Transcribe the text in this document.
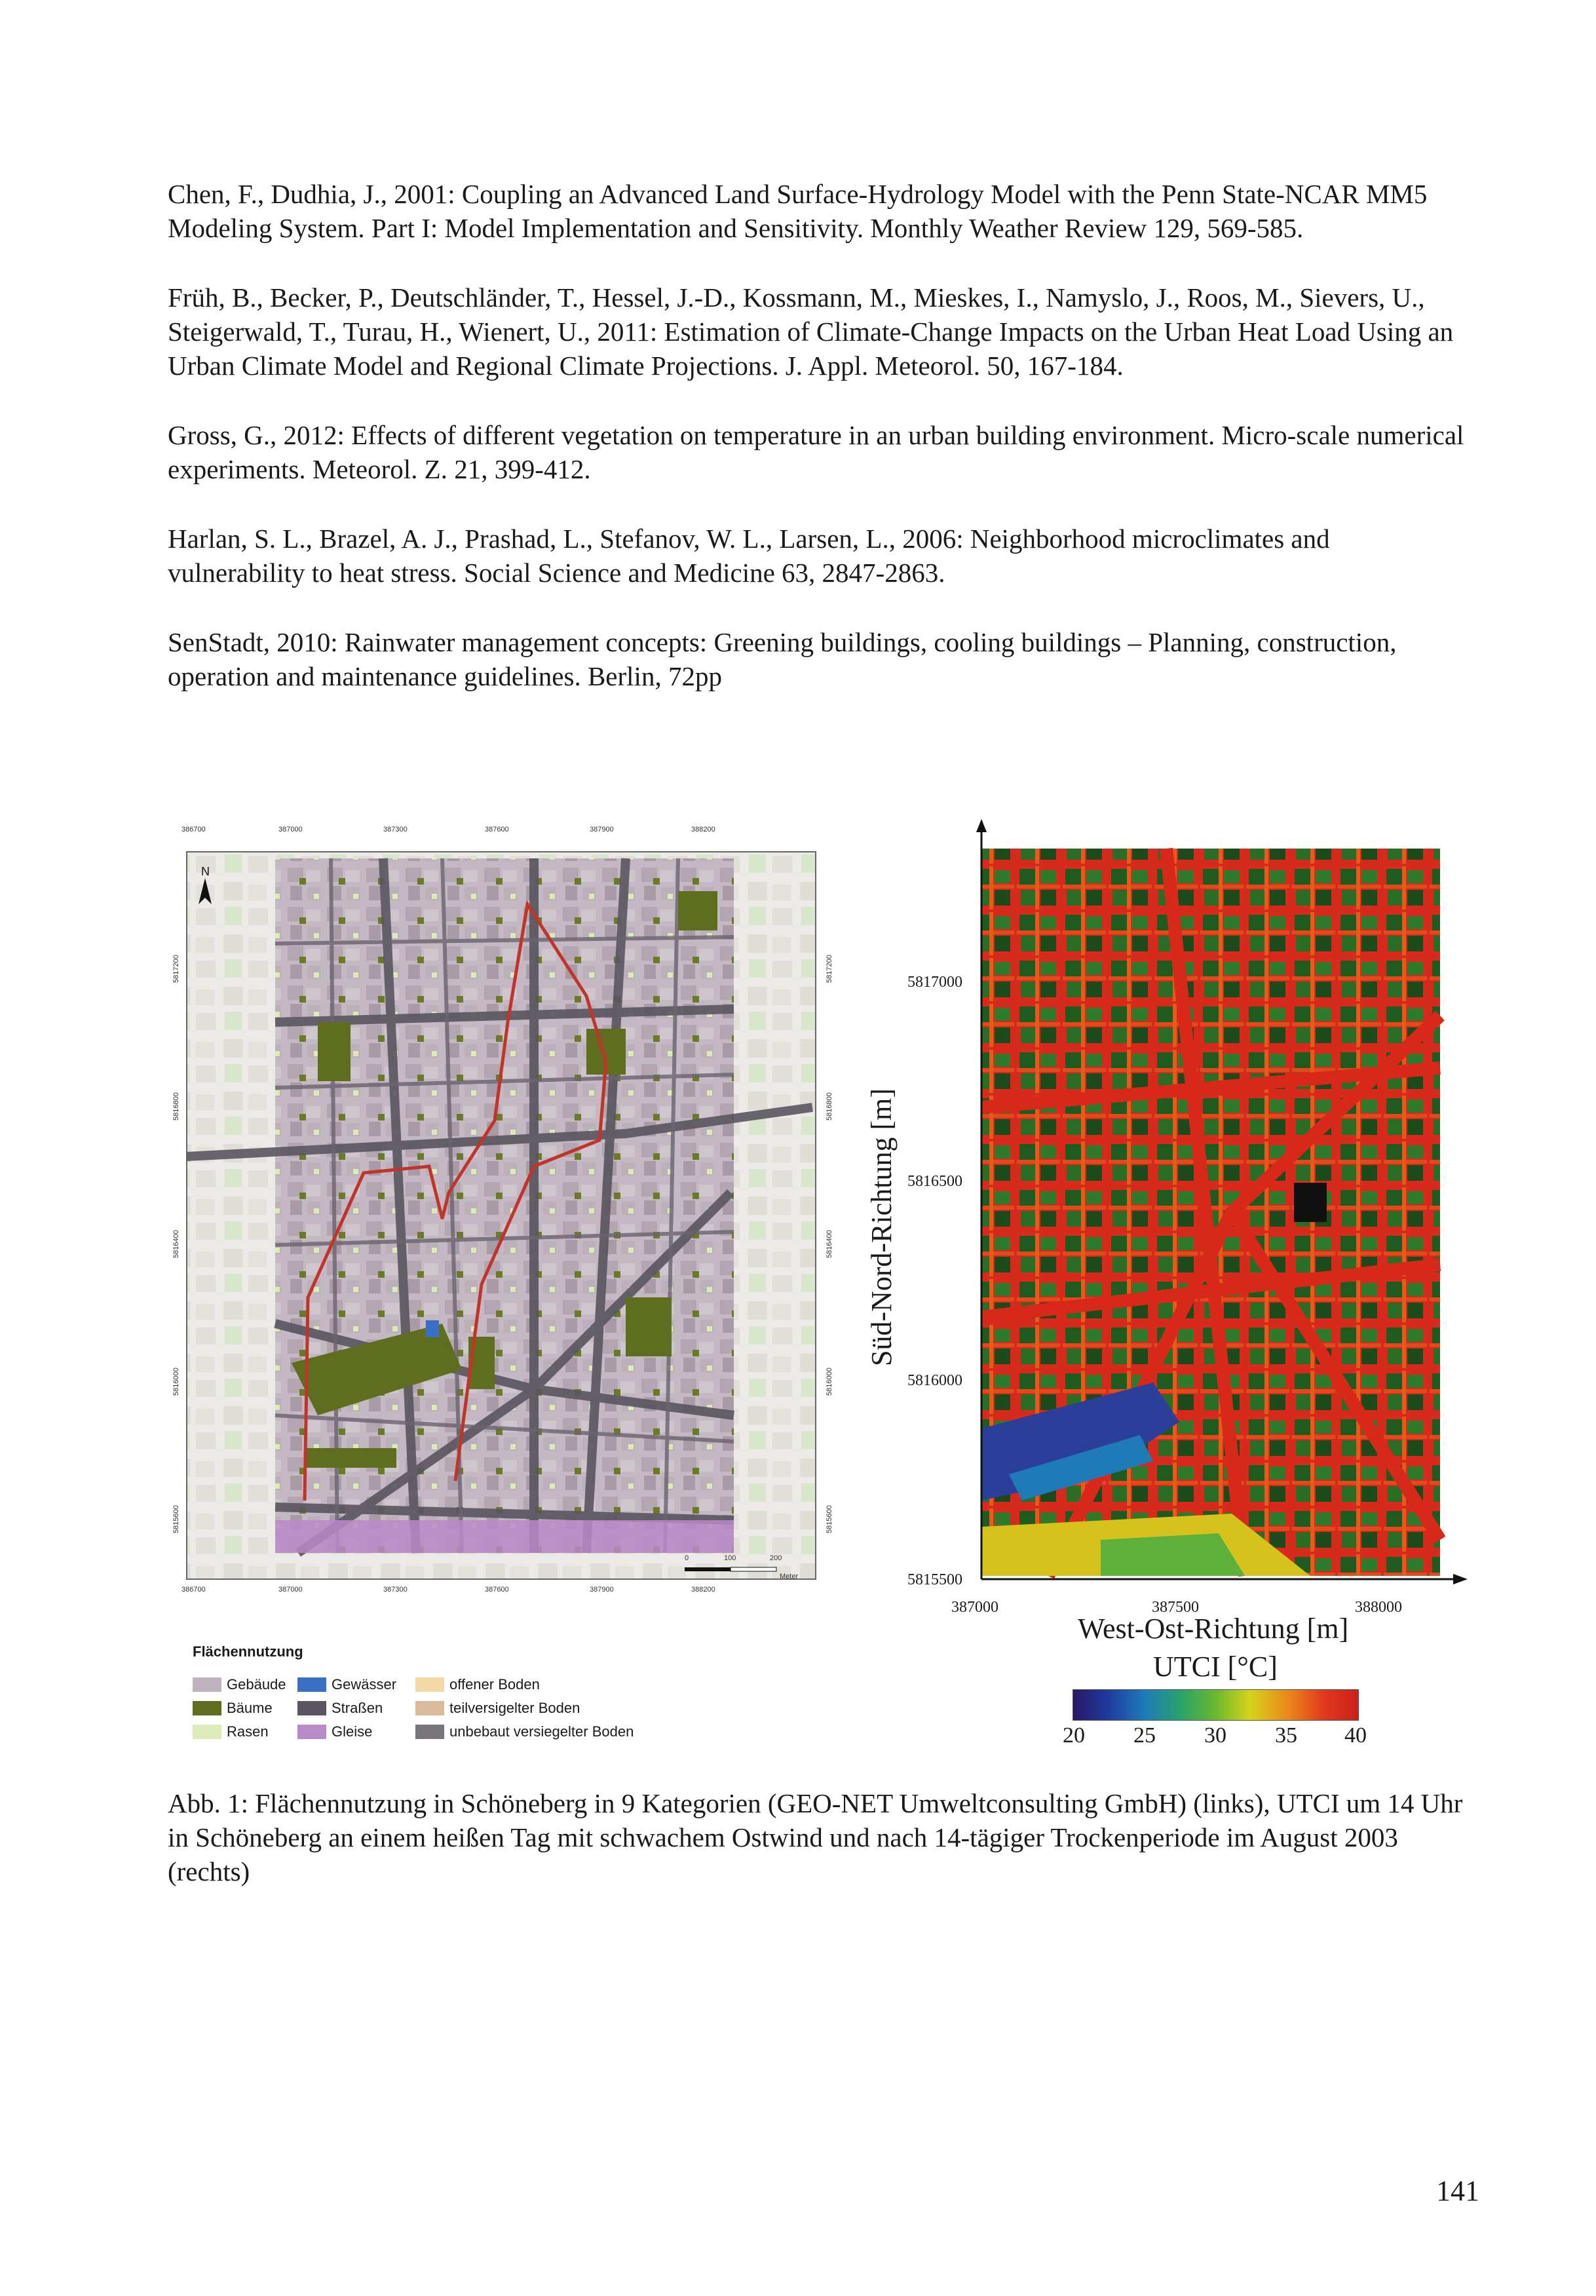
Chen, F., Dudhia, J., 2001: Coupling an Advanced Land Surface-Hydrology Model with the Penn State-NCAR MM5 Modeling System. Part I: Model Implementation and Sensitivity. Monthly Weather Review 129, 569-585.

Früh, B., Becker, P., Deutschländer, T., Hessel, J.-D., Kossmann, M., Mieskes, I., Namyslo, J., Roos, M., Sievers, U., Steigerwald, T., Turau, H., Wienert, U., 2011: Estimation of Climate-Change Impacts on the Urban Heat Load Using an Urban Climate Model and Regional Climate Projections. J. Appl. Meteorol. 50, 167-184.

Gross, G., 2012: Effects of different vegetation on temperature in an urban building environment. Micro-scale numerical experiments. Meteorol. Z. 21, 399-412.

Harlan, S. L., Brazel, A. J., Prashad, L., Stefanov, W. L., Larsen, L., 2006: Neighborhood microclimates and vulnerability to heat stress. Social Science and Medicine 63, 2847-2863.

SenStadt, 2010: Rainwater management concepts: Greening buildings, cooling buildings – Planning, construction, operation and maintenance guidelines. Berlin, 72pp

N
386700	387000	387300	387600	387900	388200
386700	387000	387300	387600	387900	388200
5817200
5816800
5816400
5816000
5815600
5817200
5816800
5816400
5816000
5815600
0	100	200
Meter
Flächennutzung
Gebäude	Gewässer	offener Boden
Bäume	Straßen	teilversigelter Boden
Rasen	Gleise	unbebaut versiegelter Boden
5817000
5816500
5816000
5815500
387000	387500	388000
Süd-Nord-Richtung [m]
West-Ost-Richtung [m]
UTCI [°C]
20 25 30 35 40

Abb. 1: Flächennutzung in Schöneberg in 9 Kategorien (GEO-NET Umweltconsulting GmbH) (links), UTCI um 14 Uhr in Schöneberg an einem heißen Tag mit schwachem Ostwind und nach 14-tägiger Trockenperiode im August 2003 (rechts)

141
